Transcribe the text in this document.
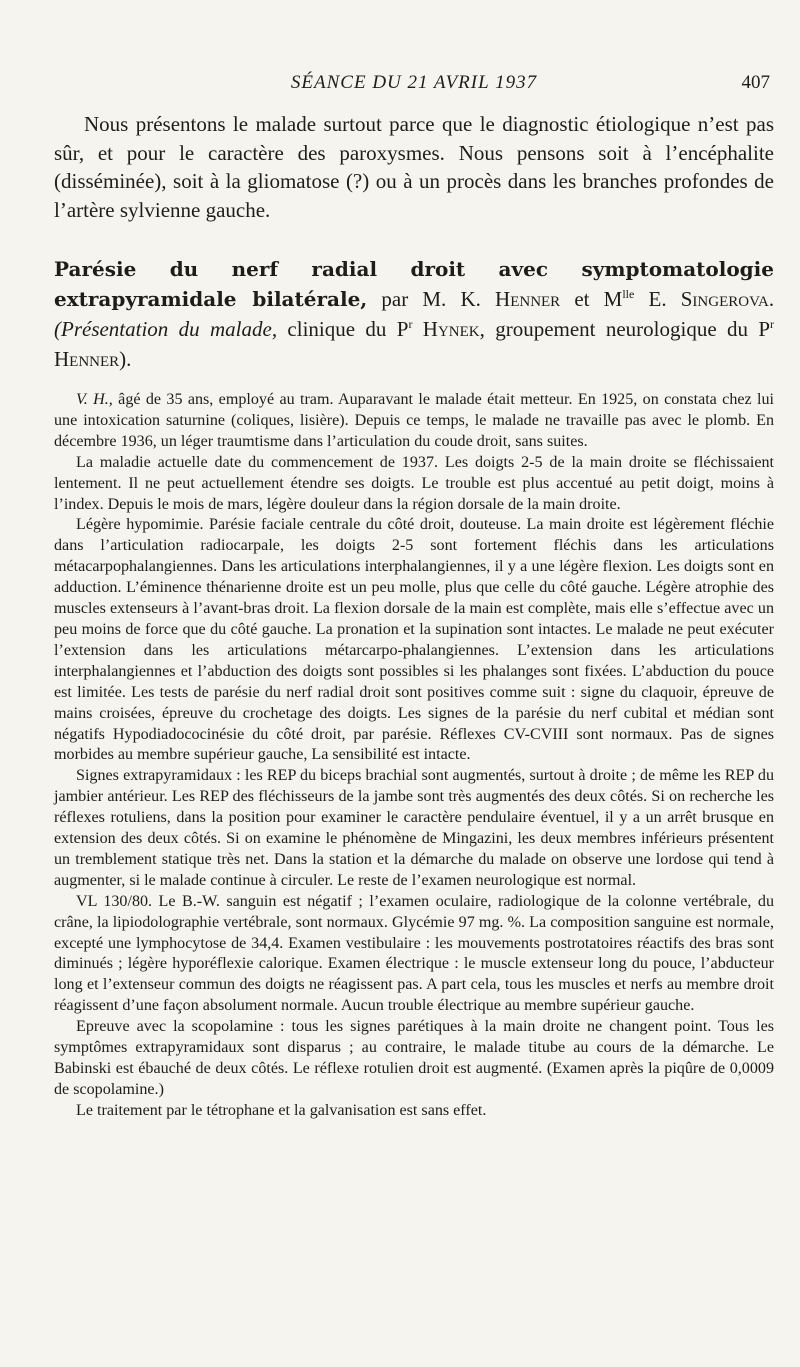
SÉANCE DU 21 AVRIL 1937	407

Nous présentons le malade surtout parce que le diagnostic étiologique n’est pas sûr, et pour le caractère des paroxysmes. Nous pensons soit à l’encéphalite (disséminée), soit à la gliomatose (?) ou à un procès dans les branches profondes de l’artère sylvienne gauche.

Parésie du nerf radial droit avec symptomatologie extrapyramidale bilatérale, par M. K. Henner et $M^{lle}$ E. Singerova. (Présentation du malade, clinique du $P^r$ Hynek, groupement neurologique du $P^r$ Henner).

V. H., âgé de 35 ans, employé au tram. Auparavant le malade était metteur. En 1925, on constata chez lui une intoxication saturnine (coliques, lisière). Depuis ce temps, le malade ne travaille pas avec le plomb. En décembre 1936, un léger traumtisme dans l’articulation du coude droit, sans suites.

La maladie actuelle date du commencement de 1937. Les doigts 2-5 de la main droite se fléchissaient lentement. Il ne peut actuellement étendre ses doigts. Le trouble est plus accentué au petit doigt, moins à l’index. Depuis le mois de mars, légère douleur dans la région dorsale de la main droite.

Légère hypomimie. Parésie faciale centrale du côté droit, douteuse. La main droite est légèrement fléchie dans l’articulation radiocarpale, les doigts 2-5 sont fortement fléchis dans les articulations métacarpophalangiennes. Dans les articulations interphalangiennes, il y a une légère flexion. Les doigts sont en adduction. L’éminence thénarienne droite est un peu molle, plus que celle du côté gauche. Légère atrophie des muscles extenseurs à l’avant-bras droit. La flexion dorsale de la main est complète, mais elle s’effectue avec un peu moins de force que du côté gauche. La pronation et la supination sont intactes. Le malade ne peut exécuter l’extension dans les articulations métarcarpo-phalangiennes. L’extension dans les articulations interphalangiennes et l’abduction des doigts sont possibles si les phalanges sont fixées. L’abduction du pouce est limitée. Les tests de parésie du nerf radial droit sont positives comme suit : signe du claquoir, épreuve de mains croisées, épreuve du crochetage des doigts. Les signes de la parésie du nerf cubital et médian sont négatifs Hypodiadococinésie du côté droit, par parésie. Réflexes CV-CVIII sont normaux. Pas de signes morbides au membre supérieur gauche, La sensibilité est intacte.

Signes extrapyramidaux : les REP du biceps brachial sont augmentés, surtout à droite ; de même les REP du jambier antérieur. Les REP des fléchisseurs de la jambe sont très augmentés des deux côtés. Si on recherche les réflexes rotuliens, dans la position pour examiner le caractère pendulaire éventuel, il y a un arrêt brusque en extension des deux côtés. Si on examine le phénomène de Mingazini, les deux membres inférieurs présentent un tremblement statique très net. Dans la station et la démarche du malade on observe une lordose qui tend à augmenter, si le malade continue à circuler. Le reste de l’examen neurologique est normal.

VL 130/80. Le B.-W. sanguin est négatif ; l’examen oculaire, radiologique de la colonne vertébrale, du crâne, la lipiodolographie vertébrale, sont normaux. Glycémie 97 mg. %. La composition sanguine est normale, excepté une lymphocytose de 34,4. Examen vestibulaire : les mouvements postrotatoires réactifs des bras sont diminués ; légère hyporéflexie calorique. Examen électrique : le muscle extenseur long du pouce, l’abducteur long et l’extenseur commun des doigts ne réagissent pas. A part cela, tous les muscles et nerfs au membre droit réagissent d’une façon absolument normale. Aucun trouble électrique au membre supérieur gauche.

Epreuve avec la scopolamine : tous les signes parétiques à la main droite ne changent point. Tous les symptômes extrapyramidaux sont disparus ; au contraire, le malade titube au cours de la démarche. Le Babinski est ébauché de deux côtés. Le réflexe rotulien droit est augmenté. (Examen après la piqûre de 0,0009 de scopolamine.)

Le traitement par le tétrophane et la galvanisation est sans effet.
